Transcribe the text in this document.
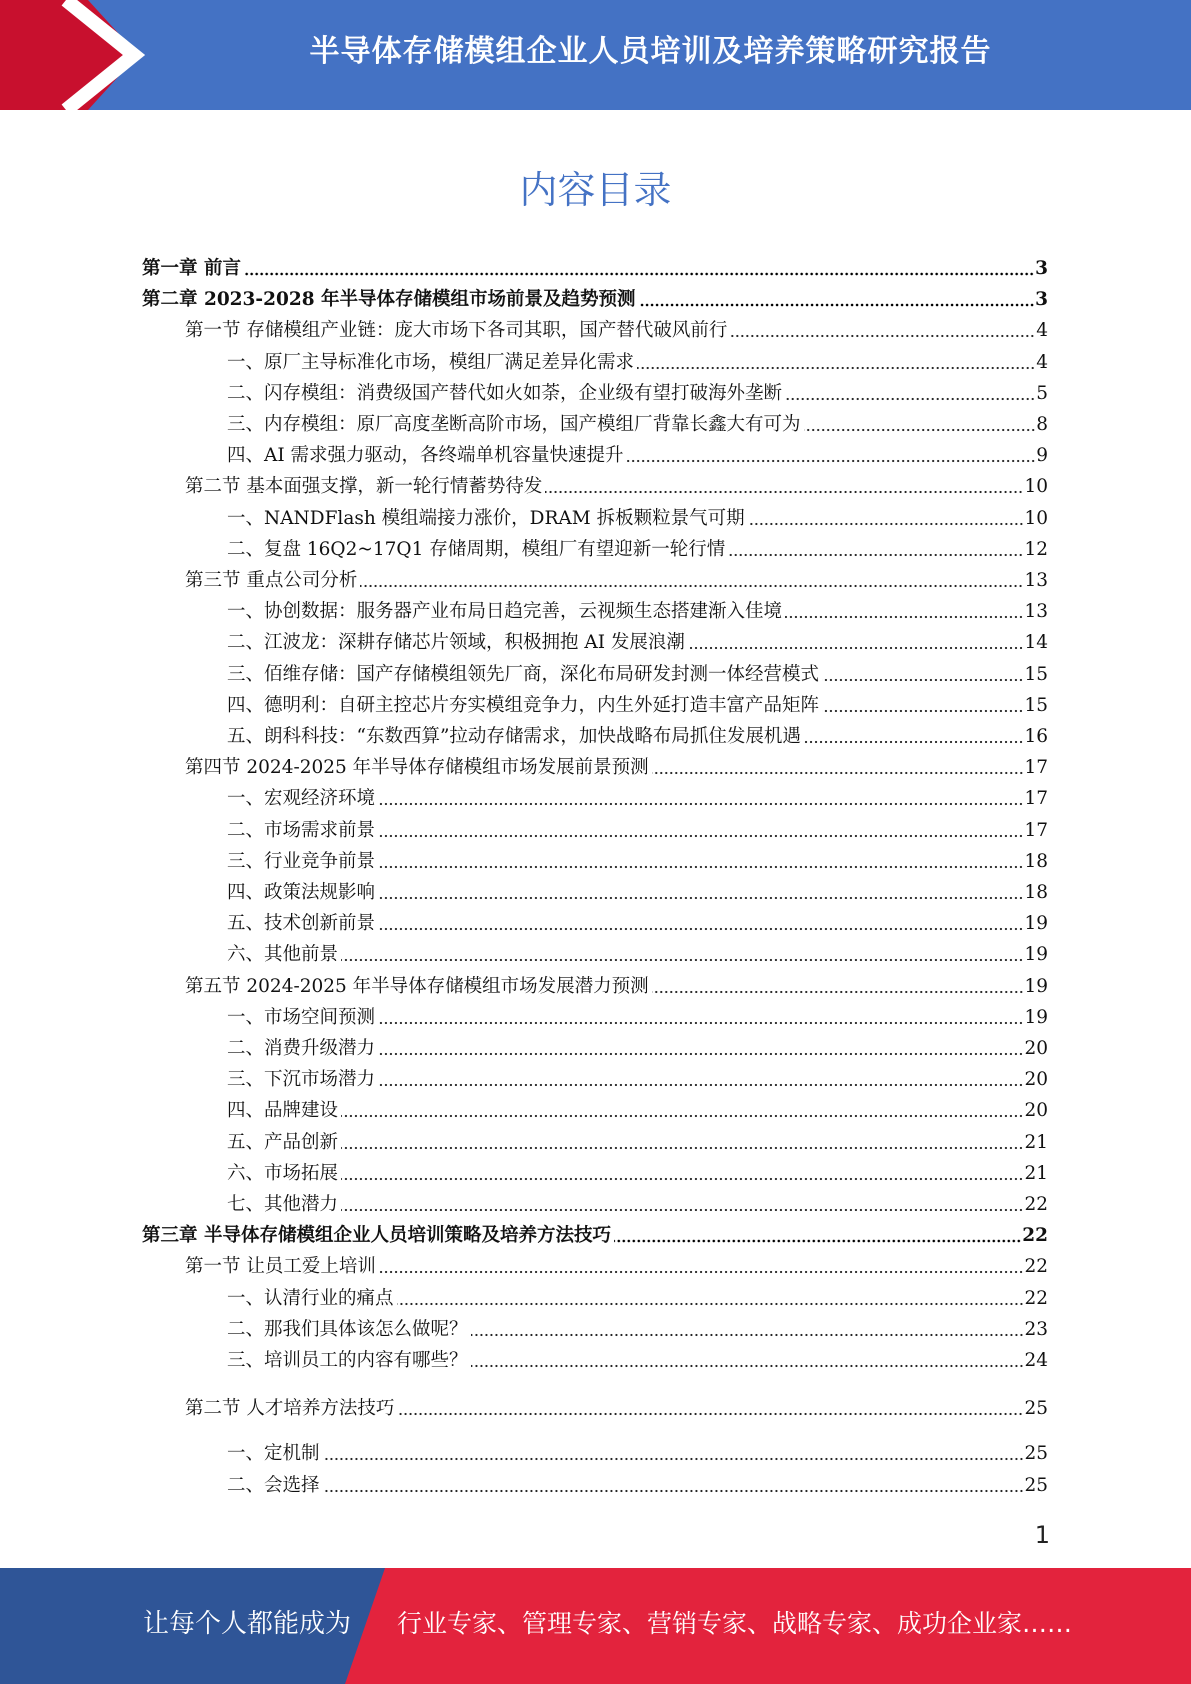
半导体存储模组企业人员培训及培养策略研究报告
内容目录
第一章 前言	3
第二章 2023-2028 年半导体存储模组市场前景及趋势预测	3
第一节 存储模组产业链：庞大市场下各司其职，国产替代破风前行	4
一、原厂主导标准化市场，模组厂满足差异化需求	4
二、闪存模组：消费级国产替代如火如荼，企业级有望打破海外垄断	5
三、内存模组：原厂高度垄断高阶市场，国产模组厂背靠长鑫大有可为	8
四、AI 需求强力驱动，各终端单机容量快速提升	9
第二节 基本面强支撑，新一轮行情蓄势待发	10
一、NANDFlash 模组端接力涨价，DRAM 拆板颗粒景气可期	10
二、复盘 16Q2~17Q1 存储周期，模组厂有望迎新一轮行情	12
第三节 重点公司分析	13
一、协创数据：服务器产业布局日趋完善，云视频生态搭建渐入佳境	13
二、江波龙：深耕存储芯片领域，积极拥抱 AI 发展浪潮	14
三、佰维存储：国产存储模组领先厂商，深化布局研发封测一体经营模式	15
四、德明利：自研主控芯片夯实模组竞争力，内生外延打造丰富产品矩阵	15
五、朗科科技：“东数西算”拉动存储需求，加快战略布局抓住发展机遇	16
第四节 2024-2025 年半导体存储模组市场发展前景预测	17
一、宏观经济环境	17
二、市场需求前景	17
三、行业竞争前景	18
四、政策法规影响	18
五、技术创新前景	19
六、其他前景	19
第五节 2024-2025 年半导体存储模组市场发展潜力预测	19
一、市场空间预测	19
二、消费升级潜力	20
三、下沉市场潜力	20
四、品牌建设	20
五、产品创新	21
六、市场拓展	21
七、其他潜力	22
第三章 半导体存储模组企业人员培训策略及培养方法技巧	22
第一节 让员工爱上培训	22
一、认清行业的痛点	22
二、那我们具体该怎么做呢？	23
三、培训员工的内容有哪些？	24
第二节 人才培养方法技巧	25
一、定机制	25
二、会选择	25
1
让每个人都能成为 行业专家、管理专家、营销专家、战略专家、成功企业家……
